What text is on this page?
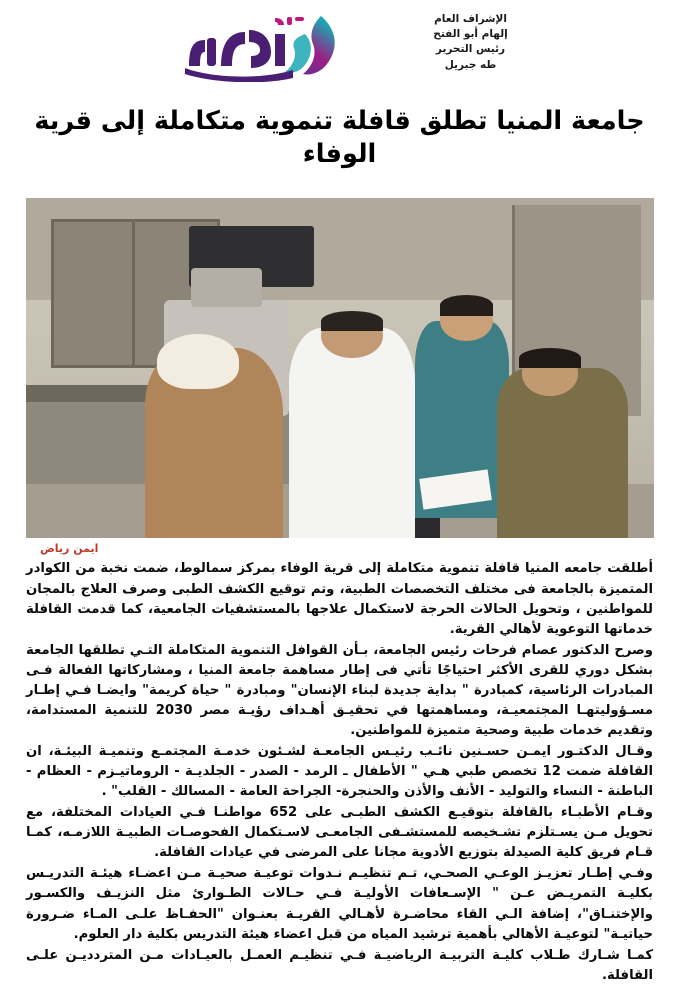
الإشراف العام
إلهام أبو الفتح
رئيس التحرير
طه جبريل
جامعة المنيا تطلق قافلة تنموية متكاملة إلى قرية الوفاء
ايمن رياض

أطلقت جامعه المنيا قافلة تنموية متكاملة إلى قرية الوفاء بمركز سمالوط، ضمت نخبة من الكوادر المتميزة بالجامعة فى مختلف التخصصات الطبية، وتم توقيع الكشف الطبى وصرف العلاج بالمجان للمواطنين ، وتحويل الحالات الحرجة لاستكمال علاجها بالمستشفيات الجامعية، كما قدمت القافلة خدماتها التوعوية لأهالي القرية.

وصرح الدكتور عصام فرحات رئيس الجامعة، بـأن القوافل التنموية المتكاملة التـي تطلقها الجامعة بشكل دوري للقرى الأكثر احتياجًا تأتي فى إطار مساهمة جامعة المنيا ، ومشاركاتها الفعالة فـى المبادرات الرئاسية، كمبادرة " بداية جديدة لبناء الإنسان" ومبادرة " حياة كريمة" وايضـا فـي إطـار مسـؤوليتهـا المجتمعيـة، ومساهمتها في تحقيـق أهـداف رؤيـة مصر 2030 للتنمية المستدامة، وتقديم خدمات طبية وصحية متميزة للمواطنين.

وقـال الدكتـور ايمـن حسـنين نائـب رئيـس الجامعـة لشـئون خدمـة المجتمـع وتنميـة البيئـة، ان القافلة ضمت 12 تخصص طبي هـي " الأطفال ـ الرمد - الصدر - الجلديـة - الروماتيـزم - العظام - الباطنة - النساء والتوليد - الأنف والأذن والحنجرة- الجراحة العامة - المسالك - القلب" .

وقـام الأطبـاء بالقافلة بتوقيـع الكشف الطبـى على 652 مواطنـا فـي العيادات المختلفة، مع تحويل مـن يسـتلزم تشـخيصه للمستشـفى الجامعـى لاسـتكمال الفحوصـات الطبيـة اللازمـه، كمـا قـام فريق كلية الصيدلة بتوزيع الأدوية مجانا على المرضى في عيادات القافلة.

وفـي إطـار تعزيـز الوعـي الصحـي، تـم تنظيـم نـدوات توعيـة صحيـة مـن اعضـاء هيئـة التدريـس بكليـة التمريـض عـن " الإسـعافات الأوليـة فـي حـالات الطـوارئ مثل النزيـف والكسـور والإختنـاق"، إضافة الـي القاء محاضـرة لأهـالي القريـة بعنـوان "الحفـاظ علـى المـاء ضـرورة حياتيـة" لتوعيـة الأهالي بأهمية ترشيد المياه من قبل اعضاء هيئة التدريس بكلية دار العلوم.

كمـا شـارك طـلاب كليـة التربيـة الرياضيـة فـي تنظيـم العمـل بالعيـادات مـن المتردديـن علـى القافلة.
